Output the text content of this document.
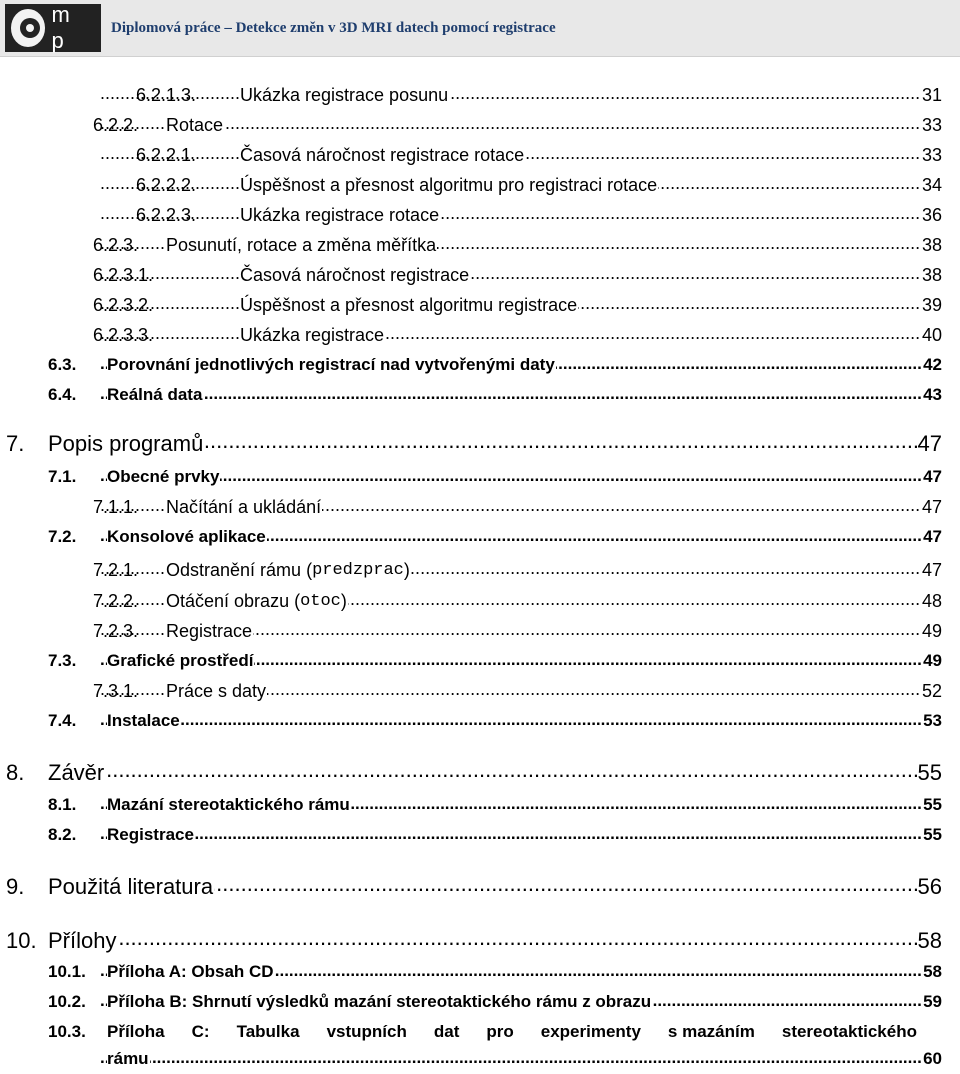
m p	Diplomová práce – Detekce změn v 3D MRI datech pomocí registrace
6.2.1.3. Ukázka registrace posunu .....	31
6.2.2. Rotace .....	33
6.2.2.1. Časová náročnost registrace rotace .....	33
6.2.2.2. Úspěšnost a přesnost algoritmu pro registraci rotace .....	34
6.2.2.3. Ukázka registrace rotace .....	36
6.2.3. Posunutí, rotace a změna měřítka .....	38
6.2.3.1.	Časová náročnost registrace .....	38
6.2.3.2.	Úspěšnost a přesnost algoritmu registrace .....	39
6.2.3.3.	Ukázka registrace .....	40
6.3. Porovnání jednotlivých registrací nad vytvořenými daty .....	42
6.4. Reálná data .....	43
7. Popis programů .....	47
7.1. Obecné prvky .....	47
7.1.1. Načítání a ukládání .....	47
7.2. Konsolové aplikace .....	47
7.2.1. Odstranění rámu ( predzprac ) .....	47
7.2.2. Otáčení obrazu ( otoc ) .....	48
7.2.3. Registrace .....	49
7.3. Grafické prostředí .....	49
7.3.1. Práce s daty .....	52
7.4. Instalace .....	53
8. Závěr .....	55
8.1. Mazání stereotaktického rámu .....	55
8.2. Registrace .....	55
9. Použitá literatura .....	56
10. Přílohy .....	58
10.1. Příloha A: Obsah CD .....	58
10.2. Příloha B: Shrnutí výsledků mazání stereotaktického rámu z obrazu .....	59
10.3. Příloha C: Tabulka vstupních dat pro experimenty s mazáním stereotaktického
rámu .....	60
